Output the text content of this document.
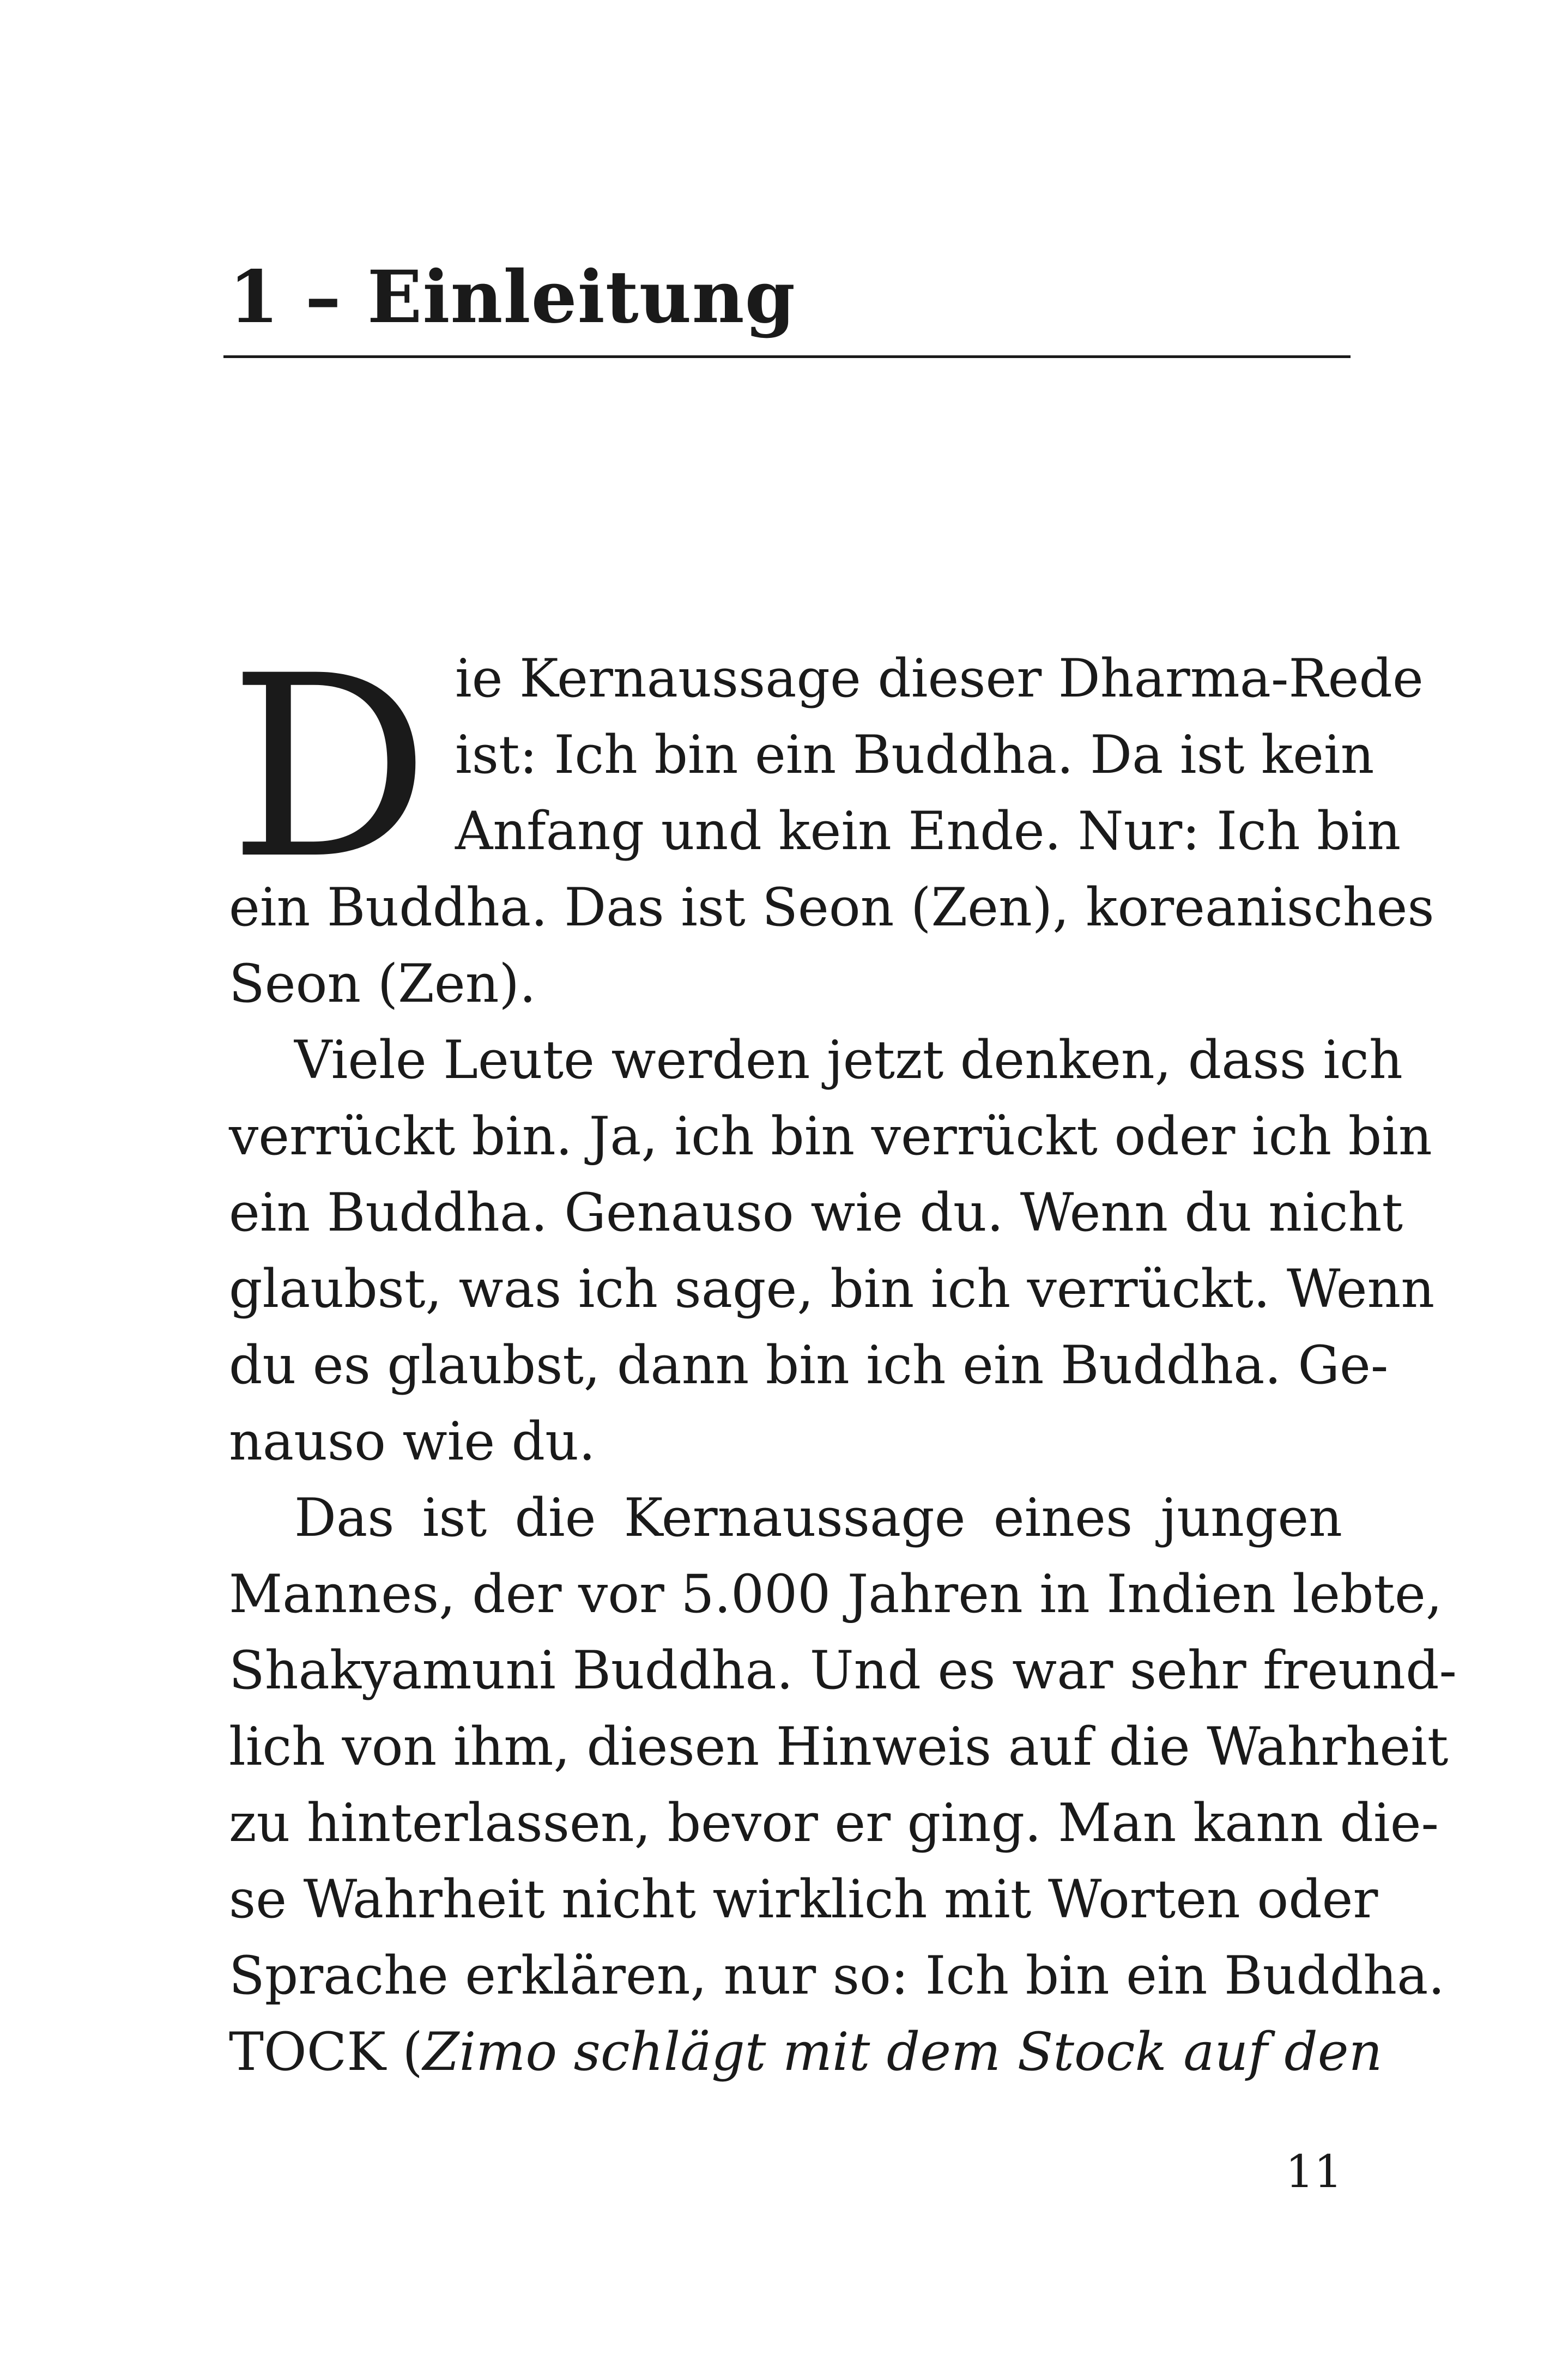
1 – Einleitung
D ie Kernaussage dieser Dharma-Rede
ist: Ich bin ein Buddha. Da ist kein
Anfang und kein Ende. Nur: Ich bin
ein Buddha. Das ist Seon (Zen), koreanisches
Seon (Zen).
Viele Leute werden jetzt denken, dass ich
verrückt bin. Ja, ich bin verrückt oder ich bin
ein Buddha. Genauso wie du. Wenn du nicht
glaubst, was ich sage, bin ich verrückt. Wenn
du es glaubst, dann bin ich ein Buddha. Ge-
nauso wie du.
Das ist die Kernaussage eines jungen
Mannes, der vor 5.000 Jahren in Indien lebte,
Shakyamuni Buddha. Und es war sehr freund-
lich von ihm, diesen Hinweis auf die Wahrheit
zu hinterlassen, bevor er ging. Man kann die-
se Wahrheit nicht wirklich mit Worten oder
Sprache erklären, nur so: Ich bin ein Buddha.
TOCK ( Zimo schlägt mit dem Stock auf den
11
